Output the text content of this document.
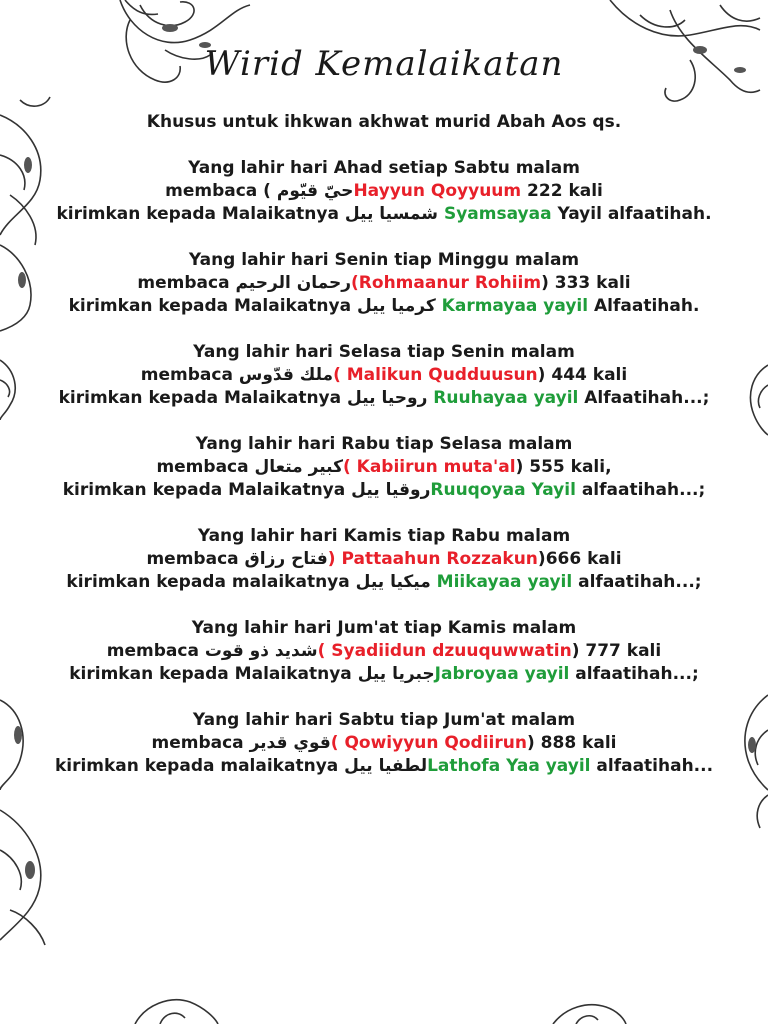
Wirid Kemalaikatan
Khusus untuk ihkwan akhwat murid Abah Aos qs.
Yang lahir hari Ahad setiap Sabtu malam
membaca ( حيّ قيّومHayyun Qoyyuum 222 kali
kirimkan kepada Malaikatnya شمسيا ييل Syamsayaa Yayil alfaatihah.
Yang lahir hari Senin tiap Minggu malam
membaca رحمان الرحيم(Rohmaanur Rohiim) 333 kali
kirimkan kepada Malaikatnya كرميا ييل Karmayaa yayil Alfaatihah.
Yang lahir hari Selasa tiap Senin malam
membaca ملك قدّوس( Malikun Qudduusun) 444 kali
kirimkan kepada Malaikatnya روحيا ييل Ruuhayaa yayil Alfaatihah...;
Yang lahir hari Rabu tiap Selasa malam
membaca كبير متعال( Kabiirun muta'al) 555 kali,
kirimkan kepada Malaikatnya روقيا ييلRuuqoyaa Yayil alfaatihah...;
Yang lahir hari Kamis tiap Rabu malam
membaca فتاح رزاق) Pattaahun Rozzakun)666 kali
kirimkan kepada malaikatnya ميكيا ييل Miikayaa yayil alfaatihah...;
Yang lahir hari Jum'at tiap Kamis malam
membaca شديد ذو قوت( Syadiidun dzuuquwwatin) 777 kali
kirimkan kepada Malaikatnya جبريا ييلJabroyaa yayil alfaatihah...;
Yang lahir hari Sabtu tiap Jum'at malam
membaca قوي قدير( Qowiyyun Qodiirun) 888 kali
kirimkan kepada malaikatnya لطفيا ييلLathofa Yaa yayil alfaatihah...
